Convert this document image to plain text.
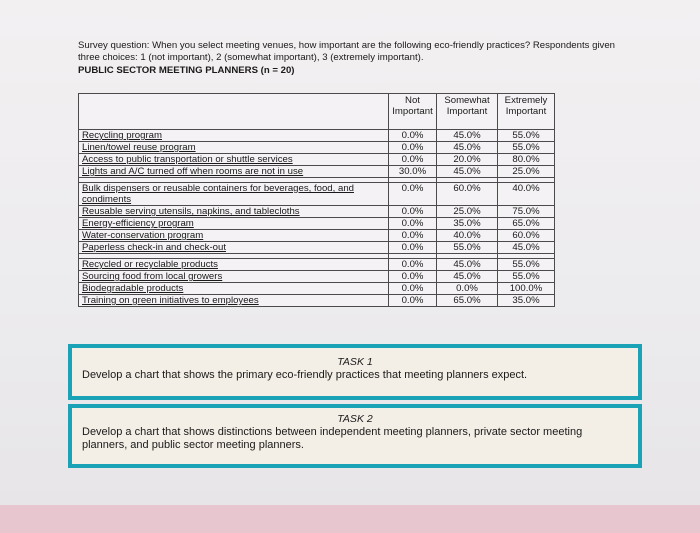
Survey question: When you select meeting venues, how important are the following eco-friendly practices? Respondents given three choices: 1 (not important), 2 (somewhat important), 3 (extremely important).
PUBLIC SECTOR MEETING PLANNERS (n = 20)
	Not Important	Somewhat Important	Extremely Important
Recycling program	0.0%	45.0%	55.0%
Linen/towel reuse program	0.0%	45.0%	55.0%
Access to public transportation or shuttle services	0.0%	20.0%	80.0%
Lights and A/C turned off when rooms are not in use	30.0%	45.0%	25.0%

Bulk dispensers or reusable containers for beverages, food, and condiments	0.0%	60.0%	40.0%
Reusable serving utensils, napkins, and tablecloths	0.0%	25.0%	75.0%
Energy-efficiency program	0.0%	35.0%	65.0%
Water-conservation program	0.0%	40.0%	60.0%
Paperless check-in and check-out	0.0%	55.0%	45.0%

Recycled or recyclable products	0.0%	45.0%	55.0%
Sourcing food from local growers	0.0%	45.0%	55.0%
Biodegradable products	0.0%	0.0%	100.0%
Training on green initiatives to employees	0.0%	65.0%	35.0%
TASK 1
Develop a chart that shows the primary eco-friendly practices that meeting planners expect.
TASK 2
Develop a chart that shows distinctions between independent meeting planners, private sector meeting planners, and public sector meeting planners.
